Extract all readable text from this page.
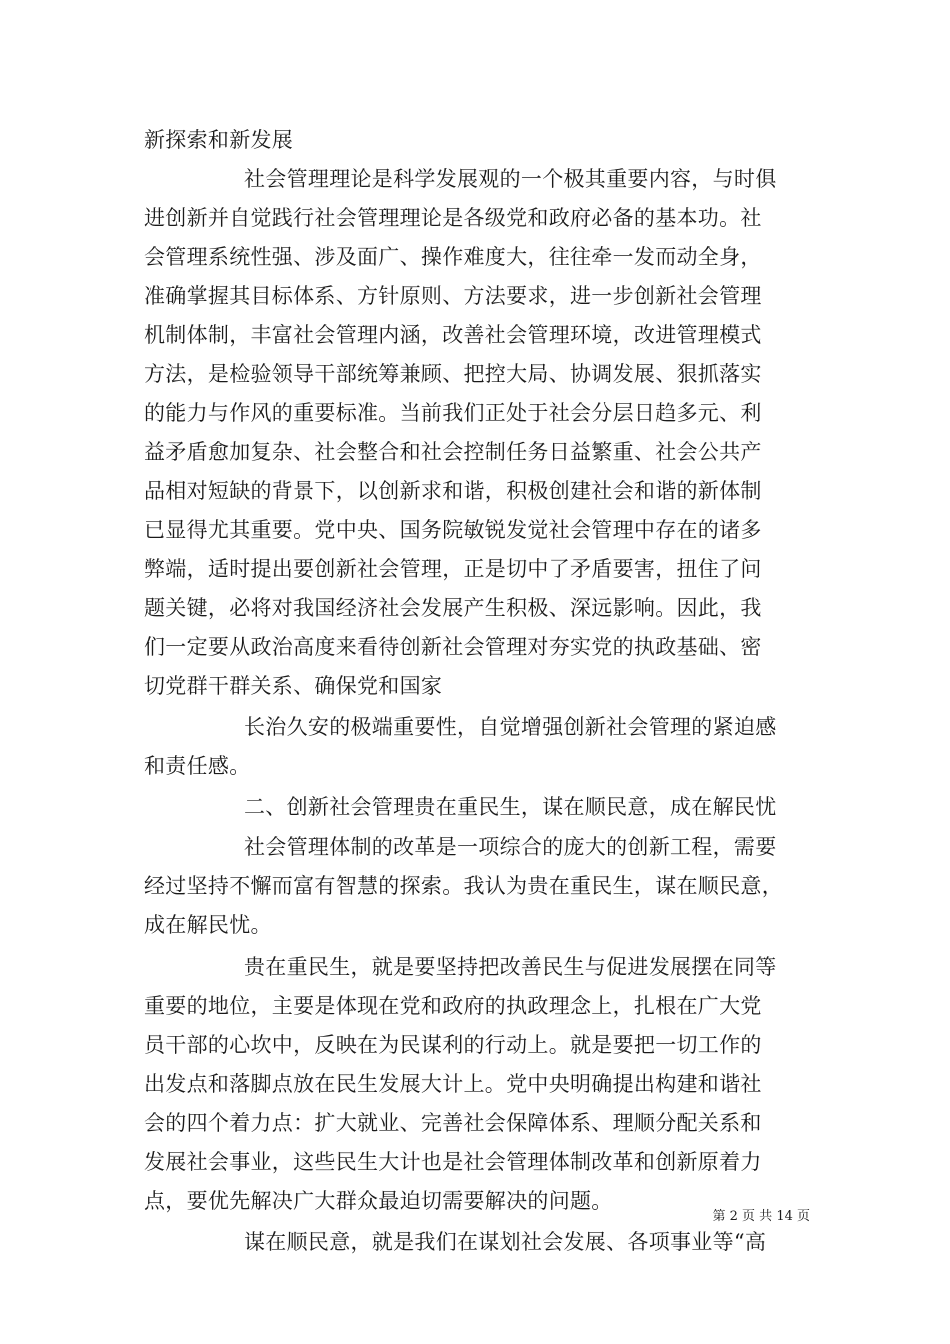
新探索和新发展
社会管理理论是科学发展观的一个极其重要内容，与时俱
进创新并自觉践行社会管理理论是各级党和政府必备的基本功。社
会管理系统性强、涉及面广、操作难度大，往往牵一发而动全身，
准确掌握其目标体系、方针原则、方法要求，进一步创新社会管理
机制体制，丰富社会管理内涵，改善社会管理环境，改进管理模式
方法，是检验领导干部统筹兼顾、把控大局、协调发展、狠抓落实
的能力与作风的重要标准。当前我们正处于社会分层日趋多元、利
益矛盾愈加复杂、社会整合和社会控制任务日益繁重、社会公共产
品相对短缺的背景下，以创新求和谐，积极创建社会和谐的新体制
已显得尤其重要。党中央、国务院敏锐发觉社会管理中存在的诸多
弊端，适时提出要创新社会管理，正是切中了矛盾要害，扭住了问
题关键，必将对我国经济社会发展产生积极、深远影响。因此，我
们一定要从政治高度来看待创新社会管理对夯实党的执政基础、密
切党群干群关系、确保党和国家
长治久安的极端重要性，自觉增强创新社会管理的紧迫感
和责任感。
二、创新社会管理贵在重民生，谋在顺民意，成在解民忧
社会管理体制的改革是一项综合的庞大的创新工程，需要
经过坚持不懈而富有智慧的探索。我认为贵在重民生，谋在顺民意，
成在解民忧。
贵在重民生，就是要坚持把改善民生与促进发展摆在同等
重要的地位，主要是体现在党和政府的执政理念上，扎根在广大党
员干部的心坎中，反映在为民谋利的行动上。就是要把一切工作的
出发点和落脚点放在民生发展大计上。党中央明确提出构建和谐社
会的四个着力点：扩大就业、完善社会保障体系、理顺分配关系和
发展社会事业，这些民生大计也是社会管理体制改革和创新原着力
点，要优先解决广大群众最迫切需要解决的问题。
谋在顺民意，就是我们在谋划社会发展、各项事业等“高
第 2 页 共 14 页
